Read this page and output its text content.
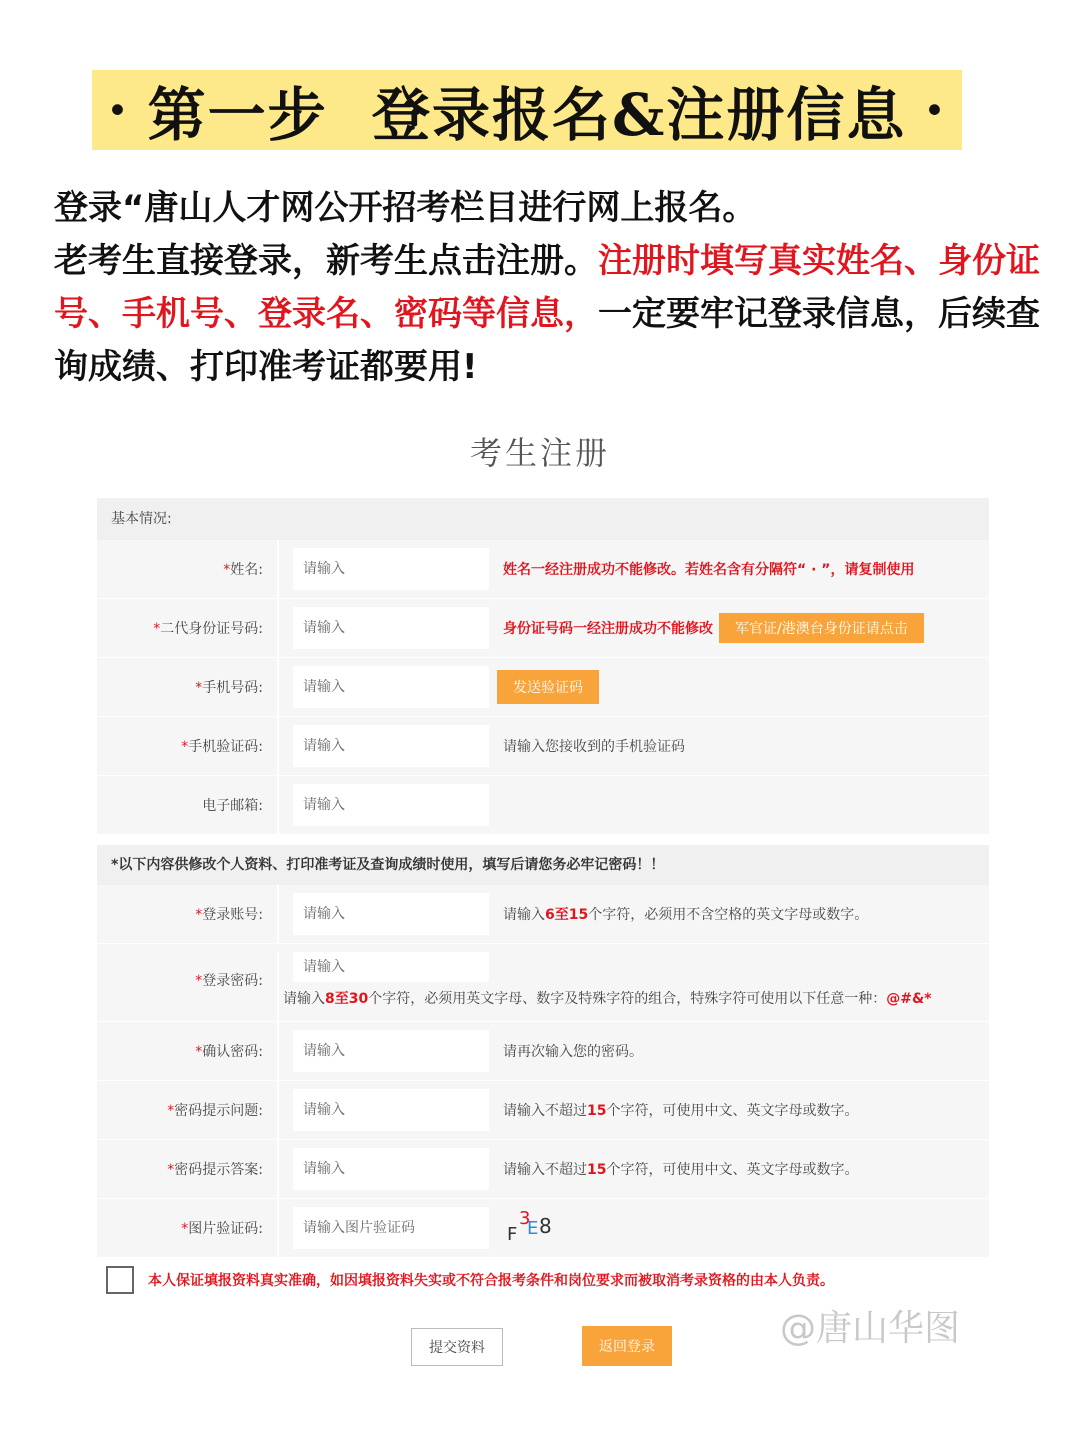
· 第一步  登录报名&注册信息 ·
登录“唐山人才网公开招考栏目进行网上报名。
老考生直接登录，新考生点击注册。注册时填写真实姓名、身份证号、手机号、登录名、密码等信息，一定要牢记登录信息，后续查询成绩、打印准考证都要用!
考生注册
基本情况:
*姓名:
请输入	姓名一经注册成功不能修改。若姓名含有分隔符“ · ”，请复制使用
*二代身份证号码:
请输入	身份证号码一经注册成功不能修改	军官证/港澳台身份证请点击
*手机号码:
请输入	发送验证码
*手机验证码:
请输入	请输入您接收到的手机验证码
电子邮箱:
请输入
*以下内容供修改个人资料、打印准考证及查询成绩时使用，填写后请您务必牢记密码！！
*登录账号:
请输入	请输入6至15个字符，必须用不含空格的英文字母或数字。
*登录密码:
请输入
请输入8至30个字符，必须用英文字母、数字及特殊字符的组合，特殊字符可使用以下任意一种：@#&*
*确认密码:
请输入	请再次输入您的密码。
*密码提示问题:
请输入	请输入不超过15个字符，可使用中文、英文字母或数字。
*密码提示答案:
请输入	请输入不超过15个字符，可使用中文、英文字母或数字。
*图片验证码:
请输入图片验证码	F
3
E 8
本人保证填报资料真实准确，如因填报资料失实或不符合报考条件和岗位要求而被取消考录资格的由本人负责。
@唐山华图
提交资料	返回登录
